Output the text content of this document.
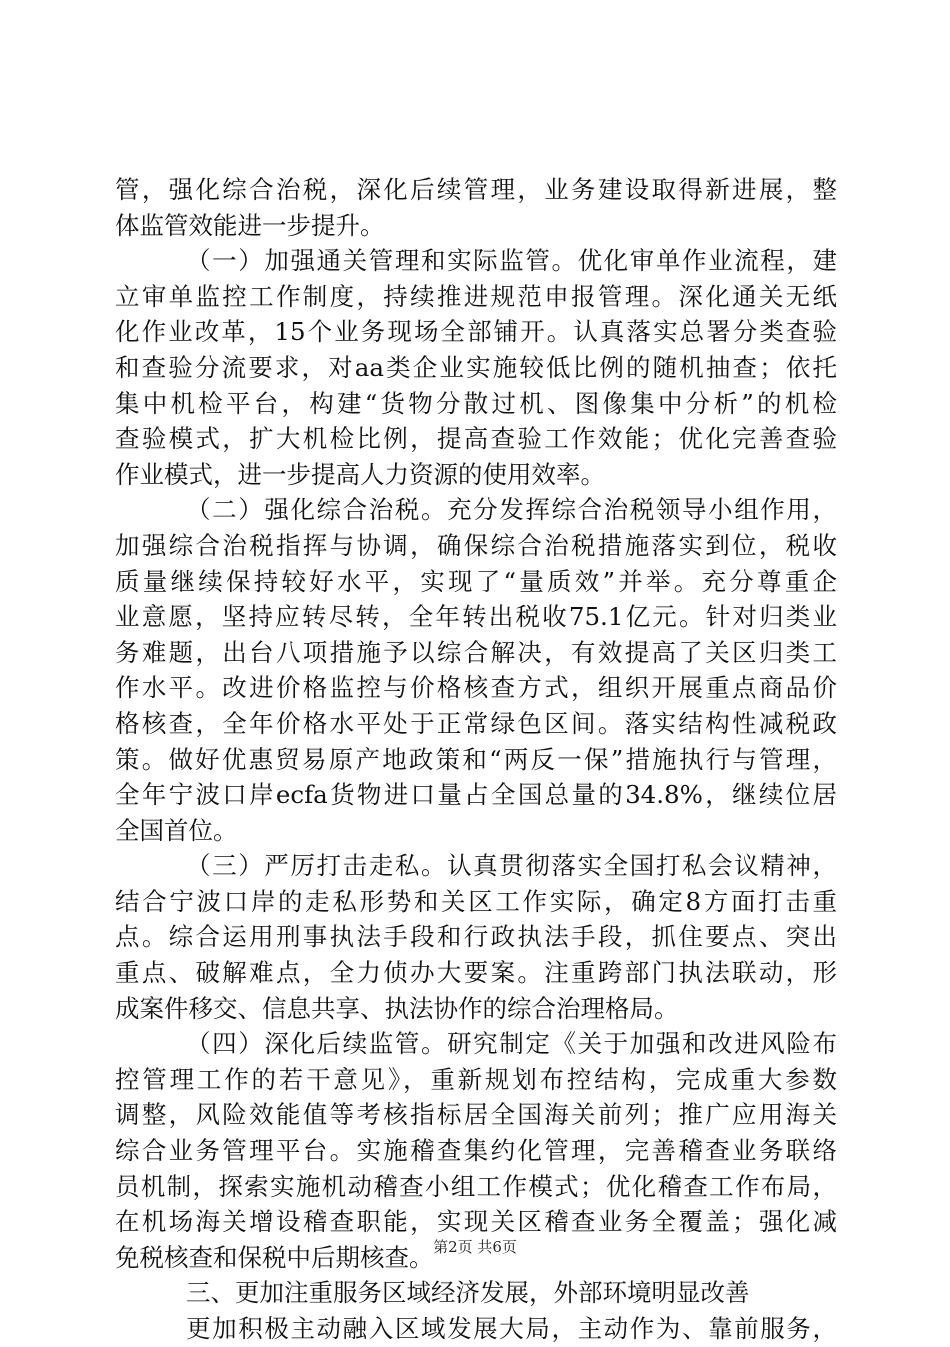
管，强化综合治税，深化后续管理，业务建设取得新进展，整
体监管效能进一步提升。
（一）加强通关管理和实际监管。优化审单作业流程，建
立审单监控工作制度，持续推进规范申报管理。深化通关无纸
化作业改革，15个业务现场全部铺开。认真落实总署分类查验
和查验分流要求，对aa类企业实施较低比例的随机抽查；依托
集中机检平台，构建“货物分散过机、图像集中分析”的机检
查验模式，扩大机检比例，提高查验工作效能；优化完善查验
作业模式，进一步提高人力资源的使用效率。
（二）强化综合治税。充分发挥综合治税领导小组作用，
加强综合治税指挥与协调，确保综合治税措施落实到位，税收
质量继续保持较好水平，实现了“量质效”并举。充分尊重企
业意愿，坚持应转尽转，全年转出税收75.1亿元。针对归类业
务难题，出台八项措施予以综合解决，有效提高了关区归类工
作水平。改进价格监控与价格核查方式，组织开展重点商品价
格核查，全年价格水平处于正常绿色区间。落实结构性减税政
策。做好优惠贸易原产地政策和“两反一保”措施执行与管理，
全年宁波口岸ecfa货物进口量占全国总量的34.8%，继续位居
全国首位。
（三）严厉打击走私。认真贯彻落实全国打私会议精神，
结合宁波口岸的走私形势和关区工作实际，确定8方面打击重
点。综合运用刑事执法手段和行政执法手段，抓住要点、突出
重点、破解难点，全力侦办大要案。注重跨部门执法联动，形
成案件移交、信息共享、执法协作的综合治理格局。
（四）深化后续监管。研究制定《关于加强和改进风险布
控管理工作的若干意见》，重新规划布控结构，完成重大参数
调整，风险效能值等考核指标居全国海关前列；推广应用海关
综合业务管理平台。实施稽查集约化管理，完善稽查业务联络
员机制，探索实施机动稽查小组工作模式；优化稽查工作布局，
在机场海关增设稽查职能，实现关区稽查业务全覆盖；强化减
免税核查和保税中后期核查。
三、更加注重服务区域经济发展，外部环境明显改善
更加积极主动融入区域发展大局，主动作为、靠前服务，
第2页 共6页
